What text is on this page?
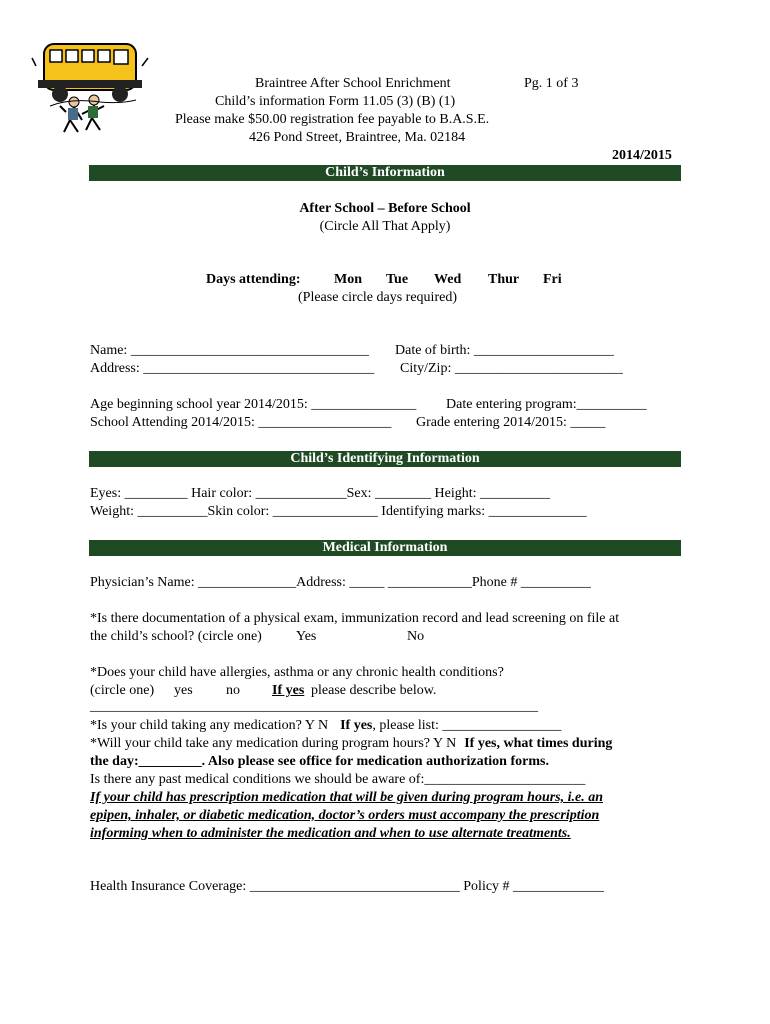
Braintree After School Enrichment	Pg. 1 of 3
Child’s information Form 11.05 (3) (B) (1)
Please make $50.00 registration fee payable to B.A.S.E.
426 Pond Street, Braintree, Ma. 02184
2014/2015
Child’s Information
After School – Before School
(Circle All That Apply)
Days attending: Mon Tue Wed Thur Fri
(Please circle days required)
Name: __________________________________ Date of birth: ____________________
Address: _________________________________ City/Zip: ________________________
Age beginning school year 2014/2015: _______________ Date entering program:__________
School Attending 2014/2015: ___________________ Grade entering 2014/2015: _____
Child’s Identifying Information
Eyes: _________ Hair color: _____________Sex: ________ Height: __________
Weight: __________Skin color: _______________ Identifying marks: ______________
Medical Information
Physician’s Name: ______________Address: _____ ____________Phone # __________
*Is there documentation of a physical exam, immunization record and lead screening on file at
the child’s school? (circle one) Yes	No
*Does your child have allergies, asthma or any chronic health conditions?
(circle one) yes no If yes please describe below.
________________________________________________________________
*Is your child taking any medication? Y N If yes, please list: _________________
*Will your child take any medication during program hours? Y N If yes, what times during
the day:_________. Also please see office for medication authorization forms.
Is there any past medical conditions we should be aware of:_______________________
If your child has prescription medication that will be given during program hours, i.e. an
epipen, inhaler, or diabetic medication, doctor’s orders must accompany the prescription
informing when to administer the medication and when to use alternate treatments.
Health Insurance Coverage: ______________________________ Policy # _____________
